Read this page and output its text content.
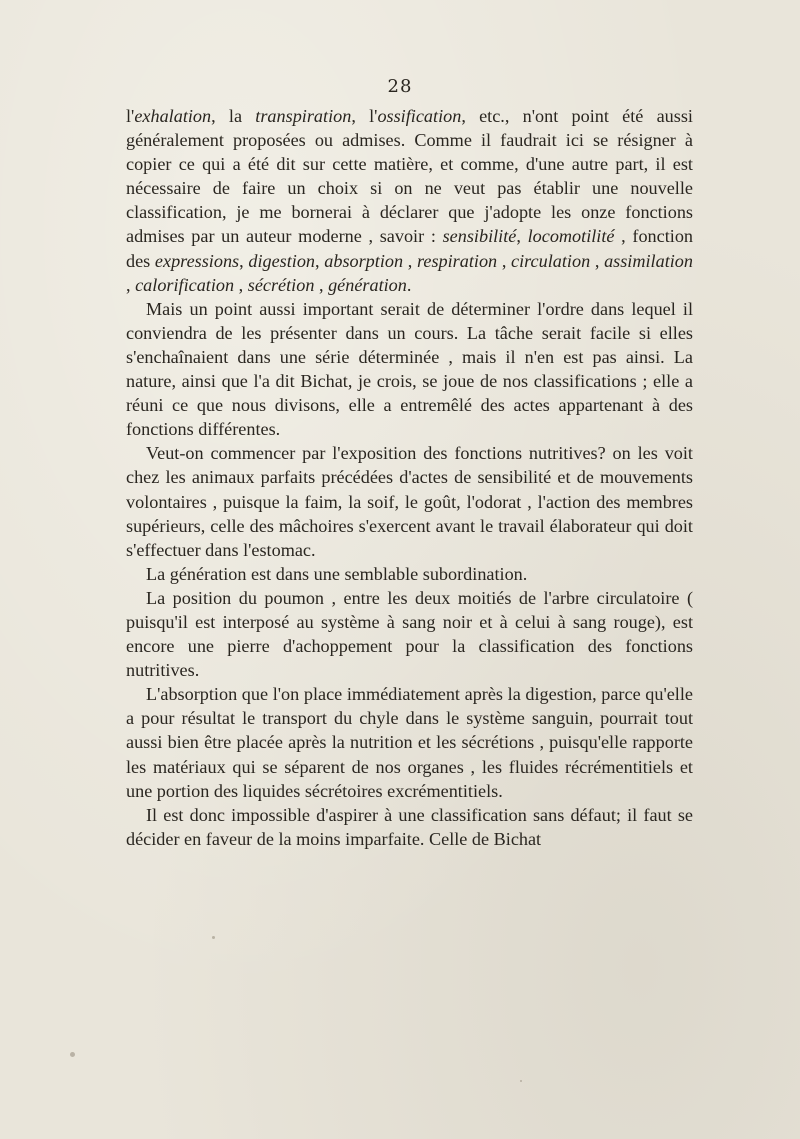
28

l'exhalation, la transpiration, l'ossification, etc., n'ont point été aussi généralement proposées ou admises. Comme il faudrait ici se résigner à copier ce qui a été dit sur cette matière, et comme, d'une autre part, il est nécessaire de faire un choix si on ne veut pas établir une nouvelle classification, je me bornerai à déclarer que j'adopte les onze fonctions admises par un auteur moderne , savoir : sensibilité, locomotilité , fonction des expressions, digestion, absorption , respiration , circulation , assimilation , calorification , sécrétion , génération.

Mais un point aussi important serait de déterminer l'ordre dans lequel il conviendra de les présenter dans un cours. La tâche serait facile si elles s'enchaînaient dans une série déterminée , mais il n'en est pas ainsi. La nature, ainsi que l'a dit Bichat, je crois, se joue de nos classifications ; elle a réuni ce que nous divisons, elle a entremêlé des actes appartenant à des fonctions différentes.

Veut-on commencer par l'exposition des fonctions nutritives? on les voit chez les animaux parfaits précédées d'actes de sensibilité et de mouvements volontaires , puisque la faim, la soif, le goût, l'odorat , l'action des membres supérieurs, celle des mâchoires s'exercent avant le travail élaborateur qui doit s'effectuer dans l'estomac.

La génération est dans une semblable subordination.

La position du poumon , entre les deux moitiés de l'arbre circulatoire ( puisqu'il est interposé au système à sang noir et à celui à sang rouge), est encore une pierre d'achoppement pour la classification des fonctions nutritives.

L'absorption que l'on place immédiatement après la digestion, parce qu'elle a pour résultat le transport du chyle dans le système sanguin, pourrait tout aussi bien être placée après la nutrition et les sécrétions , puisqu'elle rapporte les matériaux qui se séparent de nos organes , les fluides récrémentitiels et une portion des liquides sécrétoires excrémentitiels.

Il est donc impossible d'aspirer à une classification sans défaut; il faut se décider en faveur de la moins imparfaite. Celle de Bichat
